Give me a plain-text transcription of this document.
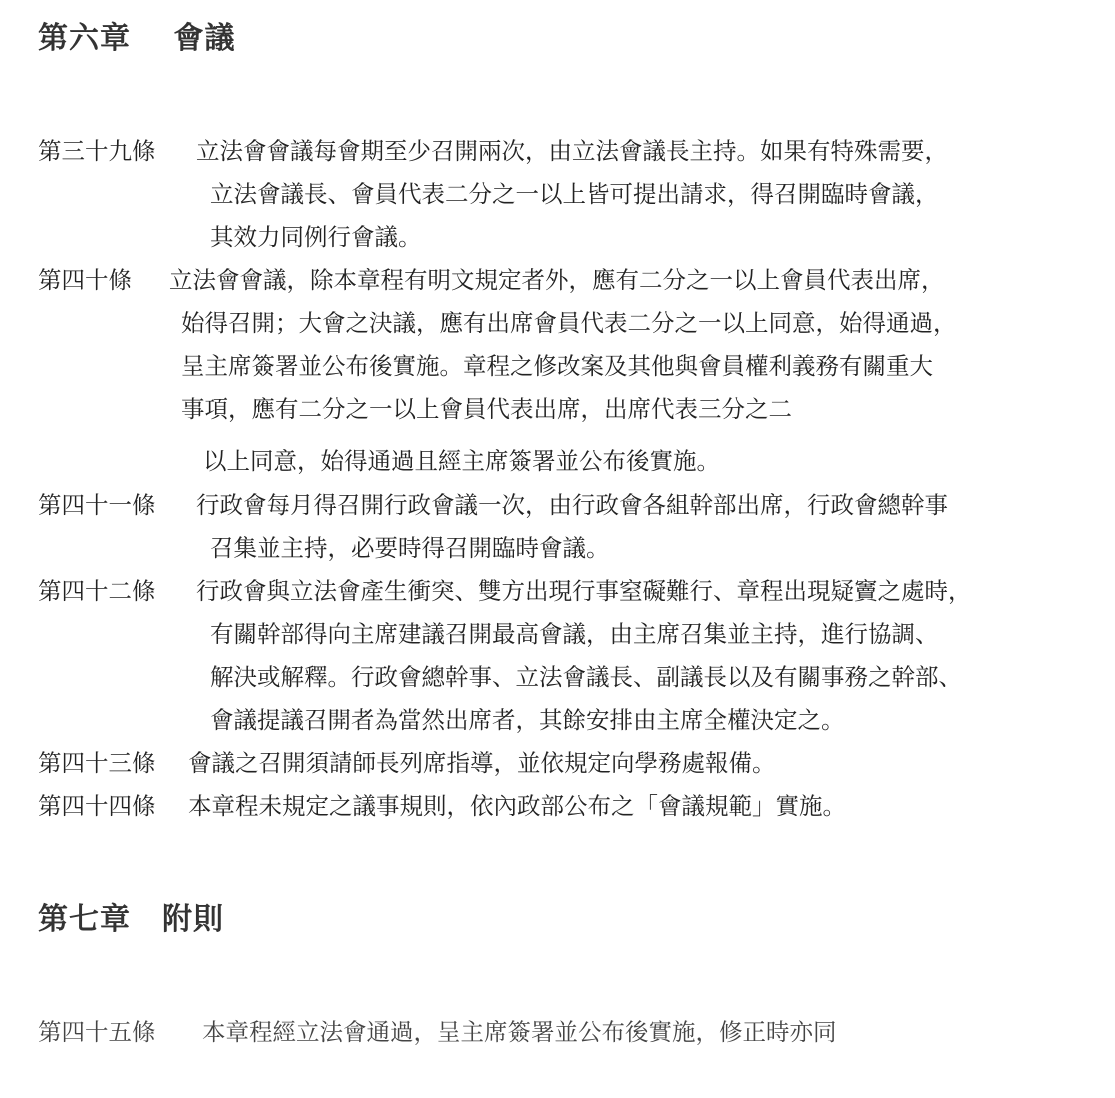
第六章　 會議
第三十九條 立法會會議每會期至少召開兩次，由立法會議長主持。如果有特殊需要，
立法會議長、會員代表二分之一以上皆可提出請求，得召開臨時會議，
其效力同例行會議。
第四十條 立法會會議，除本章程有明文規定者外，應有二分之一以上會員代表出席，
始得召開；大會之決議，應有出席會員代表二分之一以上同意，始得通過，
呈主席簽署並公布後實施。章程之修改案及其他與會員權利義務有關重大
事項，應有二分之一以上會員代表出席，出席代表三分之二
以上同意，始得通過且經主席簽署並公布後實施。
第四十一條 行政會每月得召開行政會議一次，由行政會各組幹部出席，行政會總幹事
召集並主持，必要時得召開臨時會議。
第四十二條 行政會與立法會產生衝突、雙方出現行事窒礙難行、章程出現疑竇之處時，
有關幹部得向主席建議召開最高會議，由主席召集並主持，進行協調、
解決或解釋。行政會總幹事、立法會議長、副議長以及有關事務之幹部、
會議提議召開者為當然出席者，其餘安排由主席全權決定之。
第四十三條 會議之召開須請師長列席指導，並依規定向學務處報備。
第四十四條 本章程未規定之議事規則，依內政部公布之「會議規範」實施。
第七章　附則
第四十五條 本章程經立法會通過，呈主席簽署並公布後實施，修正時亦同
